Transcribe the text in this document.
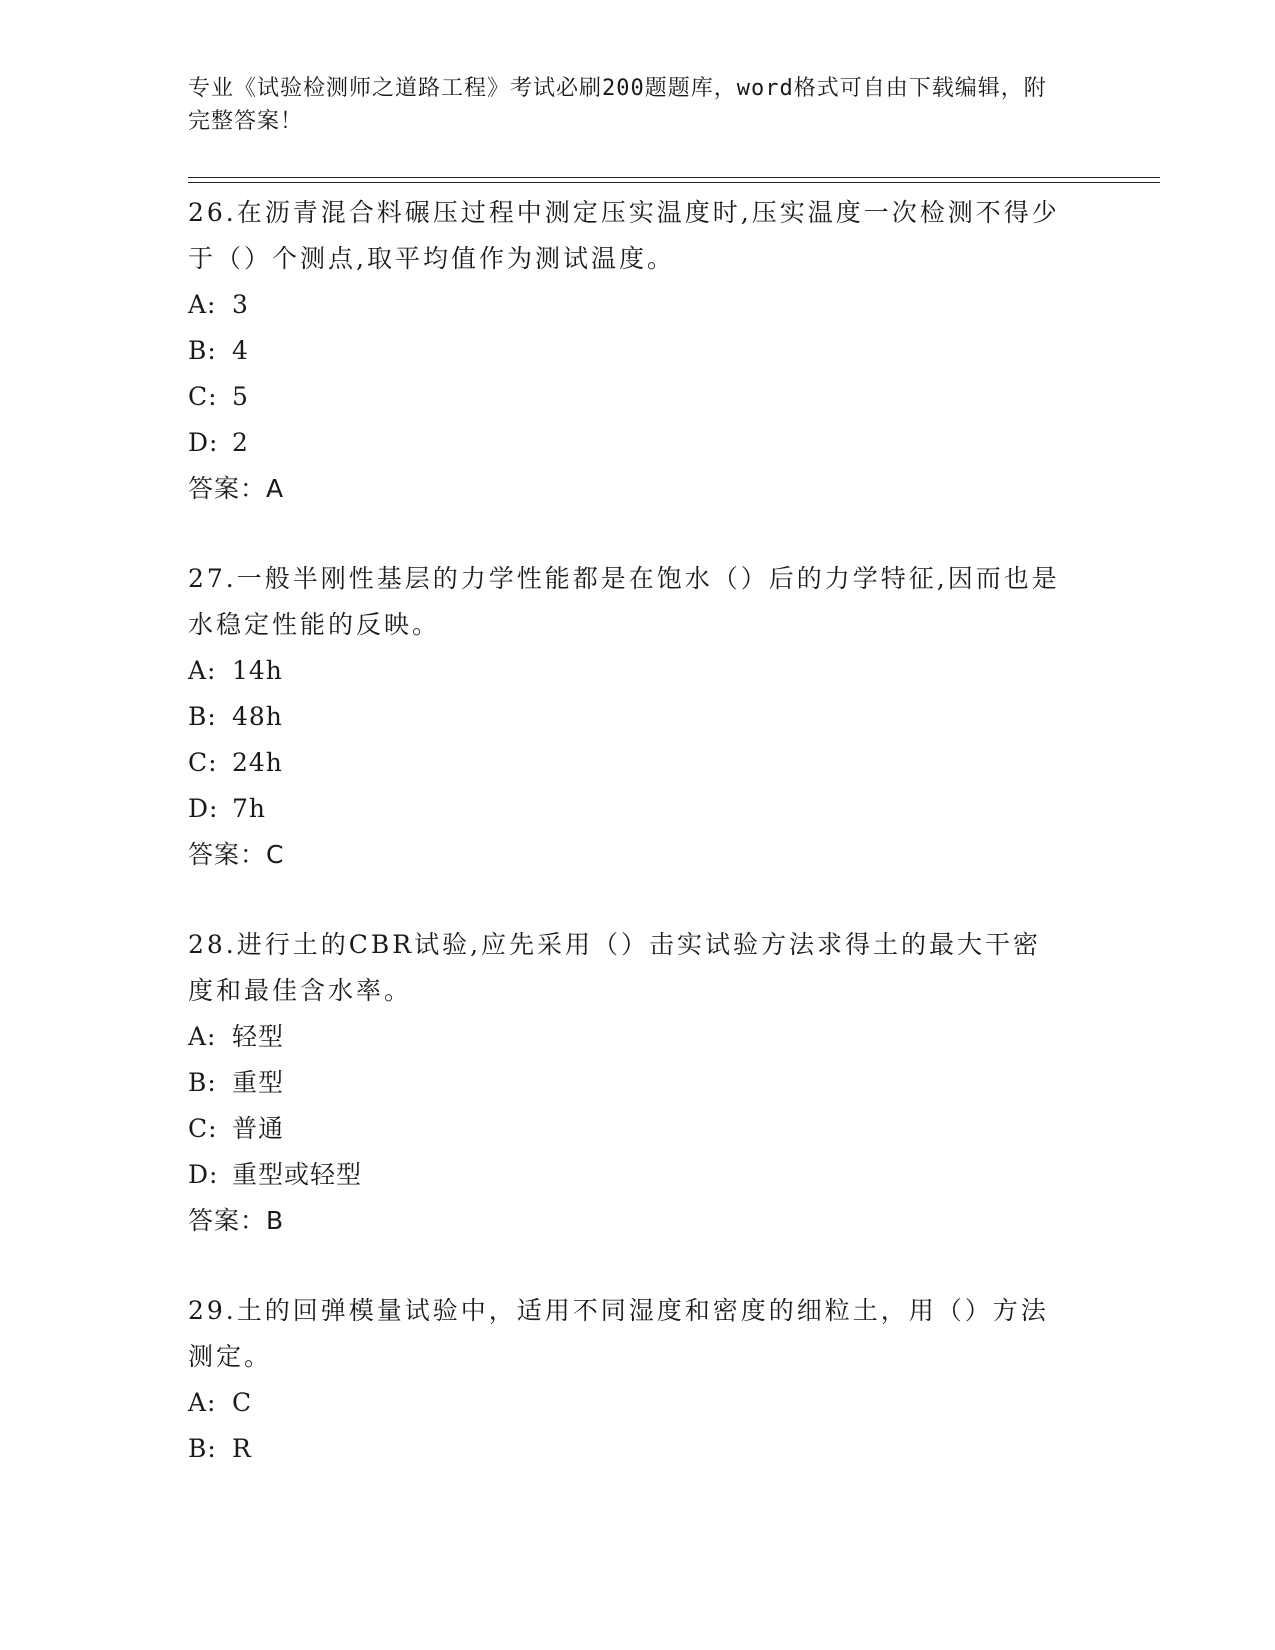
专业《试验检测师之道路工程》考试必刷200题题库，word格式可自由下载编辑，附完整答案！
26.在沥青混合料碾压过程中测定压实温度时,压实温度一次检测不得少于（）个测点,取平均值作为测试温度。
A: 3
B: 4
C: 5
D: 2
答案：A
27.一般半刚性基层的力学性能都是在饱水（）后的力学特征,因而也是水稳定性能的反映。
A: 14h
B: 48h
C: 24h
D: 7h
答案：C
28.进行土的CBR试验,应先采用（）击实试验方法求得土的最大干密度和最佳含水率。
A: 轻型
B: 重型
C: 普通
D: 重型或轻型
答案：B
29.土的回弹模量试验中，适用不同湿度和密度的细粒土，用（）方法测定。
A: C
B: R
